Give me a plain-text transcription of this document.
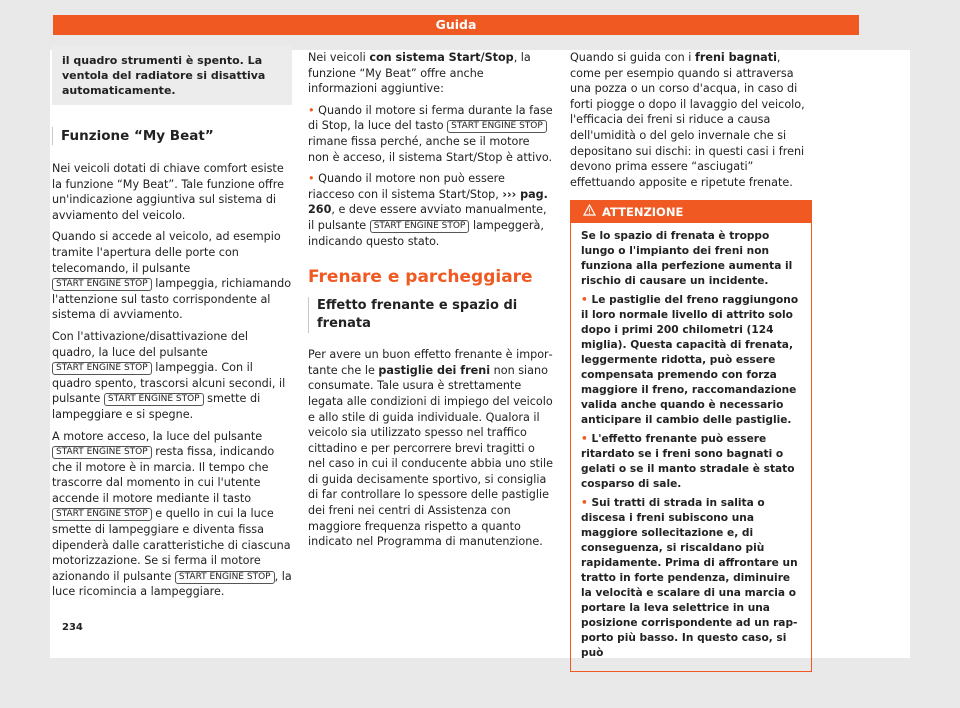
Guida
il quadro strumenti è spento. La ventola del radiatore si disattiva automaticamente.
Funzione “My Beat”

Nei veicoli dotati di chiave comfort esiste la funzione “My Beat”. Tale funzione offre un'indicazione aggiuntiva sul sistema di avviamento del veicolo.

Quando si accede al veicolo, ad esempio tramite l'apertura delle porte con telecomando, il pulsante START ENGINE STOP lampeggia, richiamando l'attenzione sul tasto corrispondente al sistema di avviamento.

Con l'attivazione/disattivazione del quadro, la luce del pulsante START ENGINE STOP lampeggia. Con il quadro spento, trascorsi alcuni secondi, il pulsante START ENGINE STOP smette di lampeggiare e si spegne.

A motore acceso, la luce del pulsante START ENGINE STOP resta fissa, indicando che il motore è in marcia. Il tempo che trascorre dal momento in cui l'utente accende il motore mediante il tasto START ENGINE STOP e quello in cui la luce smette di lampeggiare e diventa fissa dipenderà dalle caratteristiche di ciascuna motorizzazione. Se si ferma il motore azionando il pulsante START ENGINE STOP , la luce ricomincia a lampeggiare.

Nei veicoli con sistema Start/Stop, la funzione “My Beat” offre anche informazioni aggiuntive:

• Quando il motore si ferma durante la fase di Stop, la luce del tasto START ENGINE STOP rimane fissa perché, anche se il motore non è acceso, il sistema Start/Stop è attivo.

• Quando il motore non può essere riacceso con il sistema Start/Stop, ››› pag. 260, e deve essere avviato manualmente, il pulsante START ENGINE STOP lampeggerà, indicando questo stato.

Frenare e parcheggiare
Effetto frenante e spazio di frenata

Per avere un buon effetto frenante è importante che le pastiglie dei freni non siano consumate. Tale usura è strettamente legata alle condizioni di impiego del veicolo e allo stile di guida individuale. Qualora il veicolo sia utilizzato spesso nel traffico cittadino e per percorrere brevi tragitti o nel caso in cui il conducente abbia uno stile di guida decisamente sportivo, si consiglia di far controllare lo spessore delle pastiglie dei freni nei centri di Assistenza con maggiore frequenza rispetto a quanto indicato nel Programma di manutenzione.

Quando si guida con i freni bagnati, come per esempio quando si attraversa una pozza o un corso d'acqua, in caso di forti piogge o dopo il lavaggio del veicolo, l'efficacia dei freni si riduce a causa dell'umidità o del gelo invernale che si depositano sui dischi: in questi casi i freni devono prima essere “asciugati” effettuando apposite e ripetute frenate.

ATTENZIONE

Se lo spazio di frenata è troppo lungo o l'impianto dei freni non funziona alla perfezione aumenta il rischio di causare un incidente.

• Le pastiglie del freno raggiungono il loro normale livello di attrito solo dopo i primi 200 chilometri (124 miglia). Questa capacità di frenata, leggermente ridotta, può essere compensata premendo con forza maggiore il freno, raccomandazione valida anche quando è necessario anticipare il cambio delle pastiglie.

• L'effetto frenante può essere ritardato se i freni sono bagnati o gelati o se il manto stradale è stato cosparso di sale.

• Sui tratti di strada in salita o discesa i freni subiscono una maggiore sollecitazione e, di conseguenza, si riscaldano più rapidamente. Prima di affrontare un tratto in forte pendenza, diminuire la velocità e scalare di una marcia o portare la leva selettrice in una posizione corrispondente ad un rapporto più basso. In questo caso, si può

234
